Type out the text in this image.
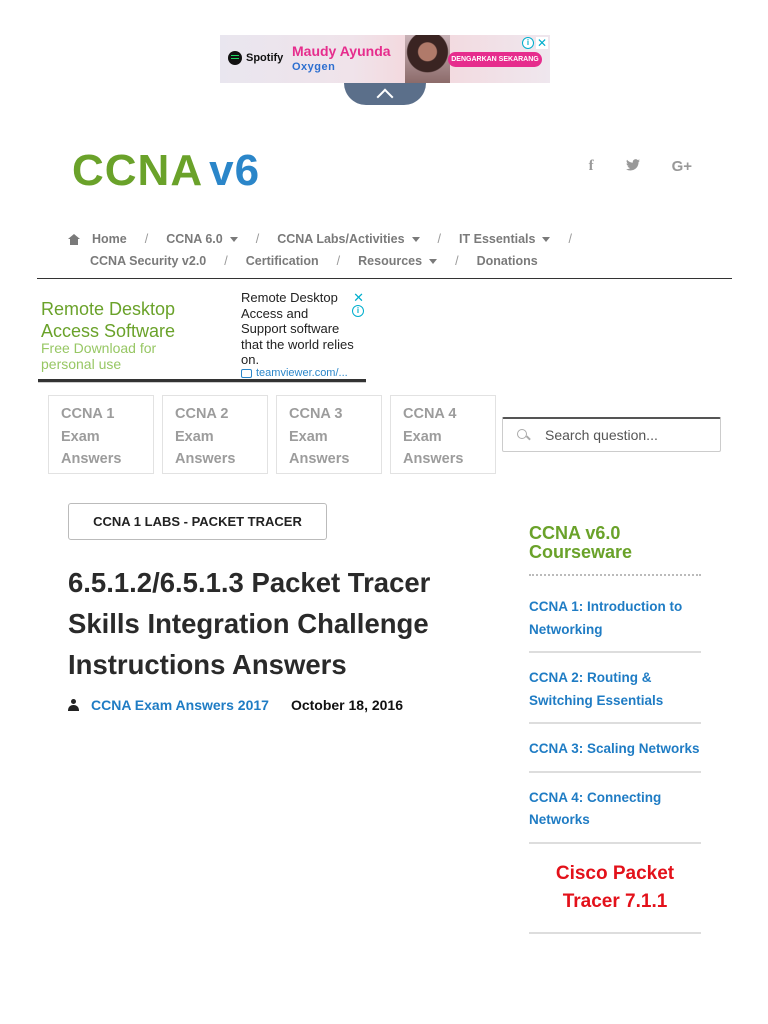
Spotify Maudy Ayunda
Oxygen
DENGARKAN SEKARANG
i ✕
CCNA v6	f	G+
Home / CCNA 6.0	/ CCNA Labs/Activities	/ IT Essentials	/
CCNA Security v2.0 / Certification / Resources	/ Donations
Remote Desktop Access Software
Free Download for personal use
Remote Desktop Access and Support software that the world relies on.
teamviewer.com/...
✕
i
CCNA 1 Exam Answers
CCNA 2 Exam Answers
CCNA 3 Exam Answers
CCNA 4 Exam Answers
Search question...
CCNA 1 LABS - PACKET TRACER
6.5.1.2/6.5.1.3 Packet Tracer Skills Integration Challenge Instructions Answers
CCNA Exam Answers 2017 October 18, 2016
CCNA v6.0 Courseware
CCNA 1: Introduction to Networking
CCNA 2: Routing & Switching Essentials
CCNA 3: Scaling Networks
CCNA 4: Connecting Networks
Cisco Packet Tracer 7.1.1
